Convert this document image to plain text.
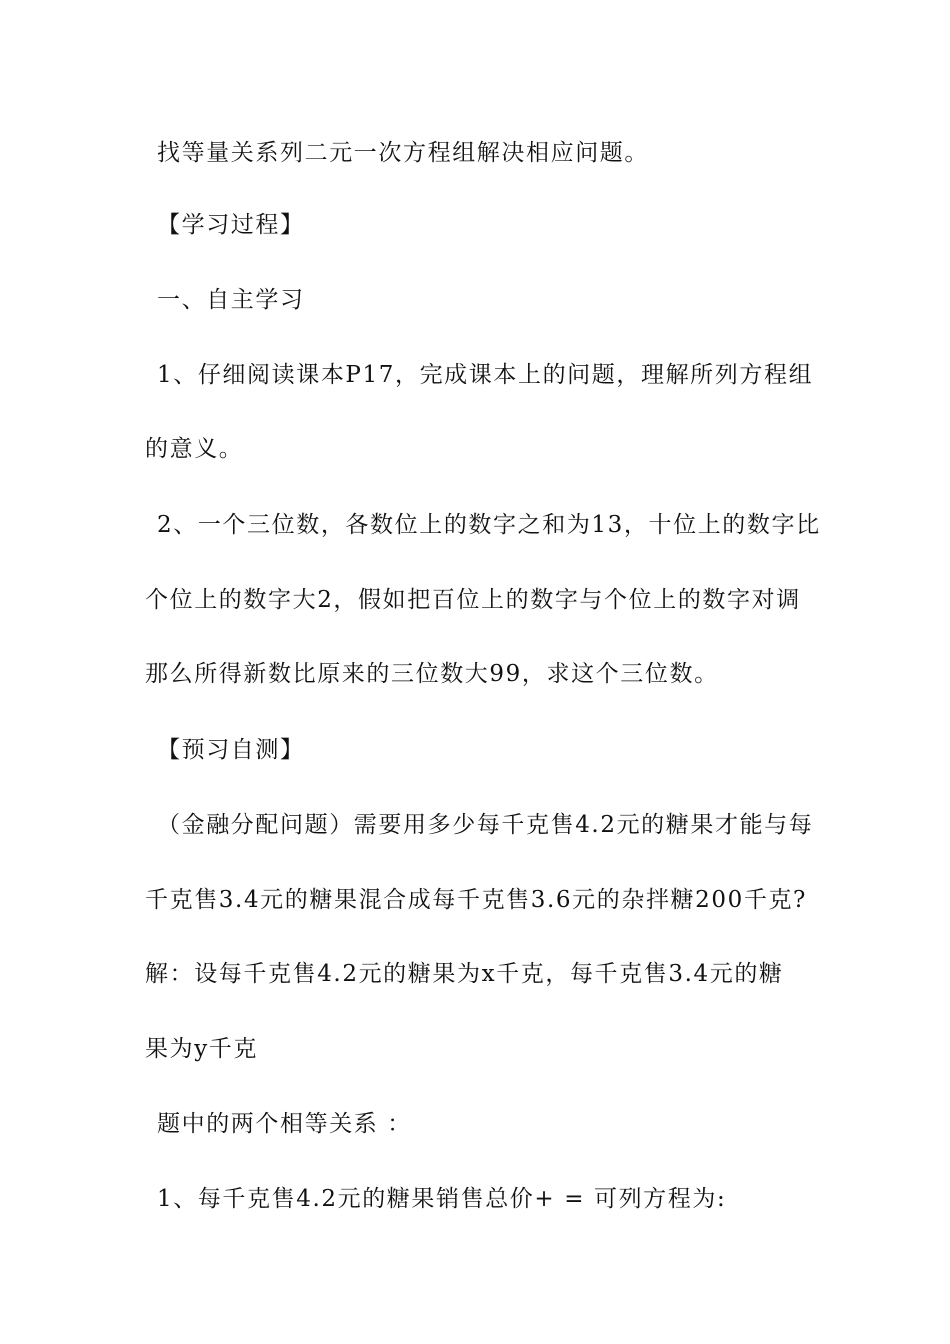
找等量关系列二元一次方程组解决相应问题。
【学习过程】
一、自主学习
1、仔细阅读课本P17，完成课本上的问题，理解所列方程组
的意义。
2、一个三位数，各数位上的数字之和为13，十位上的数字比
个位上的数字大2，假如把百位上的数字与个位上的数字对调
那么所得新数比原来的三位数大99，求这个三位数。
【预习自测】
（金融分配问题）需要用多少每千克售4.2元的糖果才能与每
千克售3.4元的糖果混合成每千克售3.6元的杂拌糖200千克?
解：设每千克售4.2元的糖果为x千克，每千克售3.4元的糖
果为y千克
题中的两个相等关系 ：
1、每千克售4.2元的糖果销售总价+ = 可列方程为:
